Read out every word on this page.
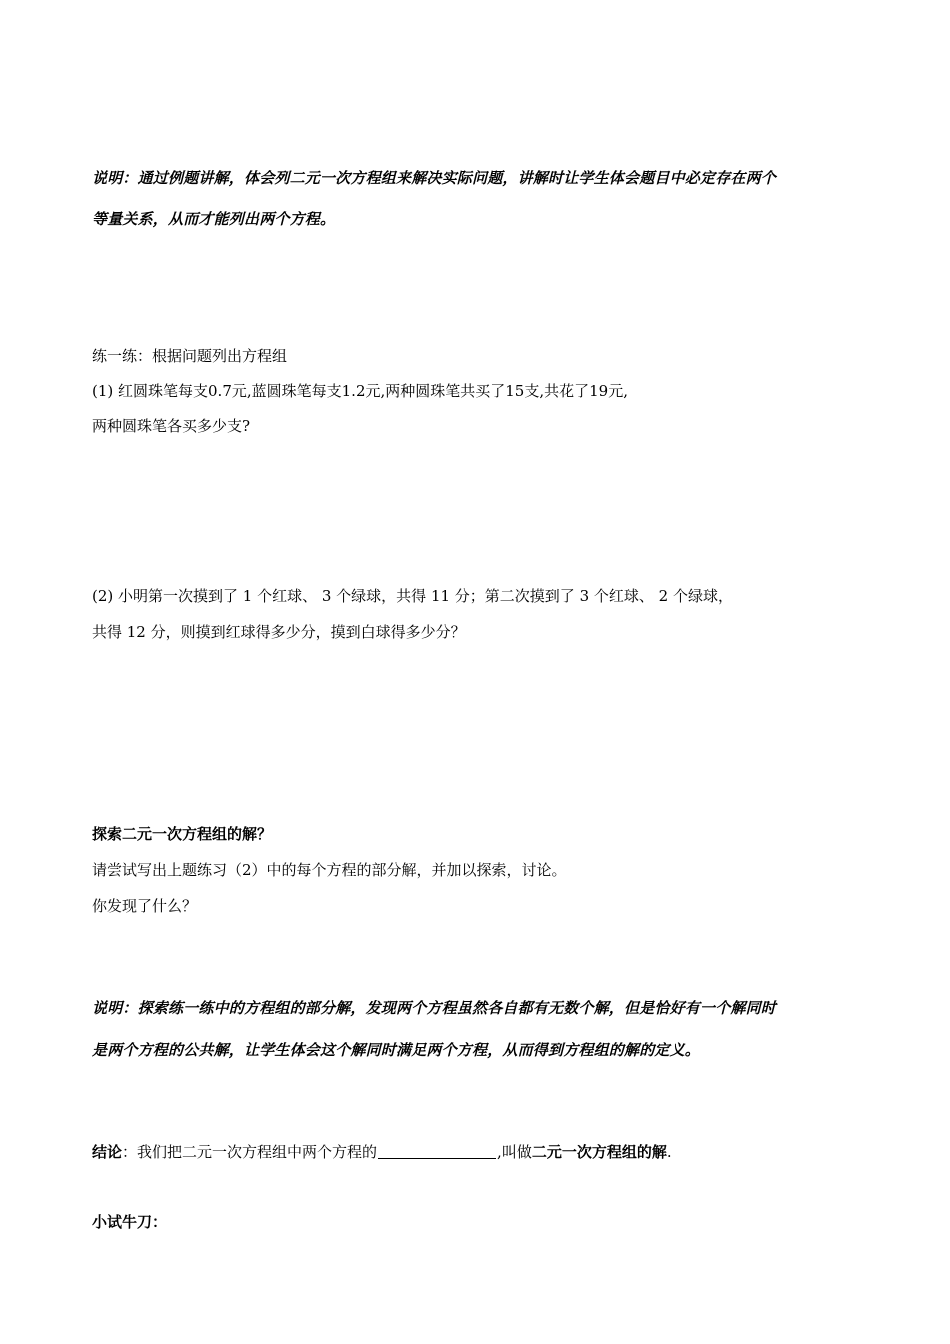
说明：通过例题讲解，体会列二元一次方程组来解决实际问题，讲解时让学生体会题目中必定存在两个
等量关系，从而才能列出两个方程。
练一练：根据问题列出方程组
(1) 红圆珠笔每支0.7元,蓝圆珠笔每支1.2元,两种圆珠笔共买了15支,共花了19元,
两种圆珠笔各买多少支?
(2) 小明第一次摸到了 1 个红球、 3 个绿球，共得 11 分；第二次摸到了 3 个红球、 2 个绿球，
共得 12 分，则摸到红球得多少分，摸到白球得多少分？
探索二元一次方程组的解？
请尝试写出上题练习（2）中的每个方程的部分解，并加以探索，讨论。
你发现了什么？
说明：探索练一练中的方程组的部分解，发现两个方程虽然各自都有无数个解，但是恰好有一个解同时
是两个方程的公共解，让学生体会这个解同时满足两个方程，从而得到方程组的解的定义。
结论：我们把二元一次方程组中两个方程的	,叫做二元一次方程组的解.
小试牛刀：
